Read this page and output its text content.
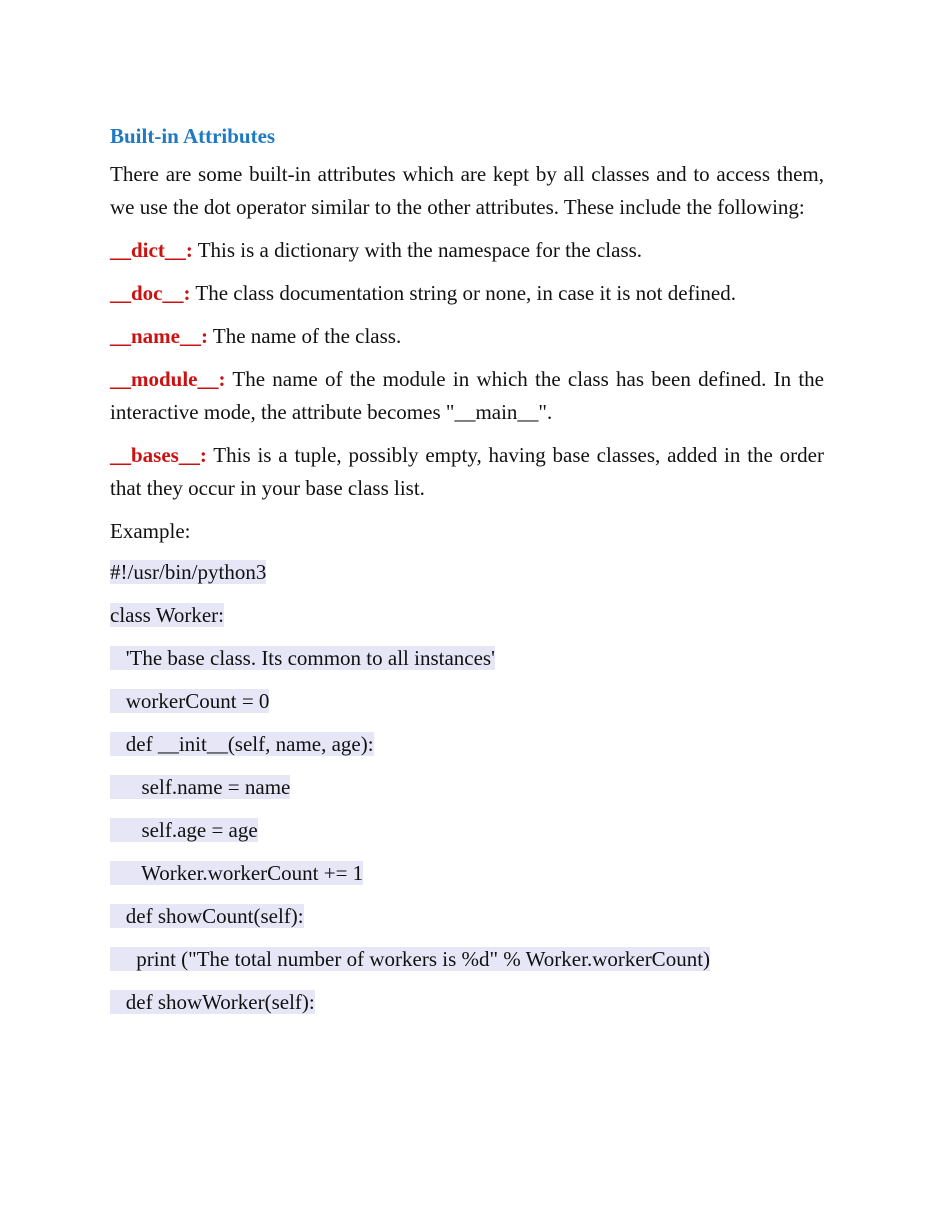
Built-in Attributes

There are some built-in attributes which are kept by all classes and to access them, we use the dot operator similar to the other attributes. These include the following:

__dict__: This is a dictionary with the namespace for the class.

__doc__: The class documentation string or none, in case it is not defined.

__name__: The name of the class.

__module__: The name of the module in which the class has been defined. In the interactive mode, the attribute becomes "__main__".

__bases__: This is a tuple, possibly empty, having base classes, added in the order that they occur in your base class list.

Example:
#!/usr/bin/python3
class Worker:
'The base class. Its common to all instances'
workerCount = 0
def __init__(self, name, age):
self.name = name
self.age = age
Worker.workerCount += 1
def showCount(self):
print ("The total number of workers is %d" % Worker.workerCount)
def showWorker(self):
